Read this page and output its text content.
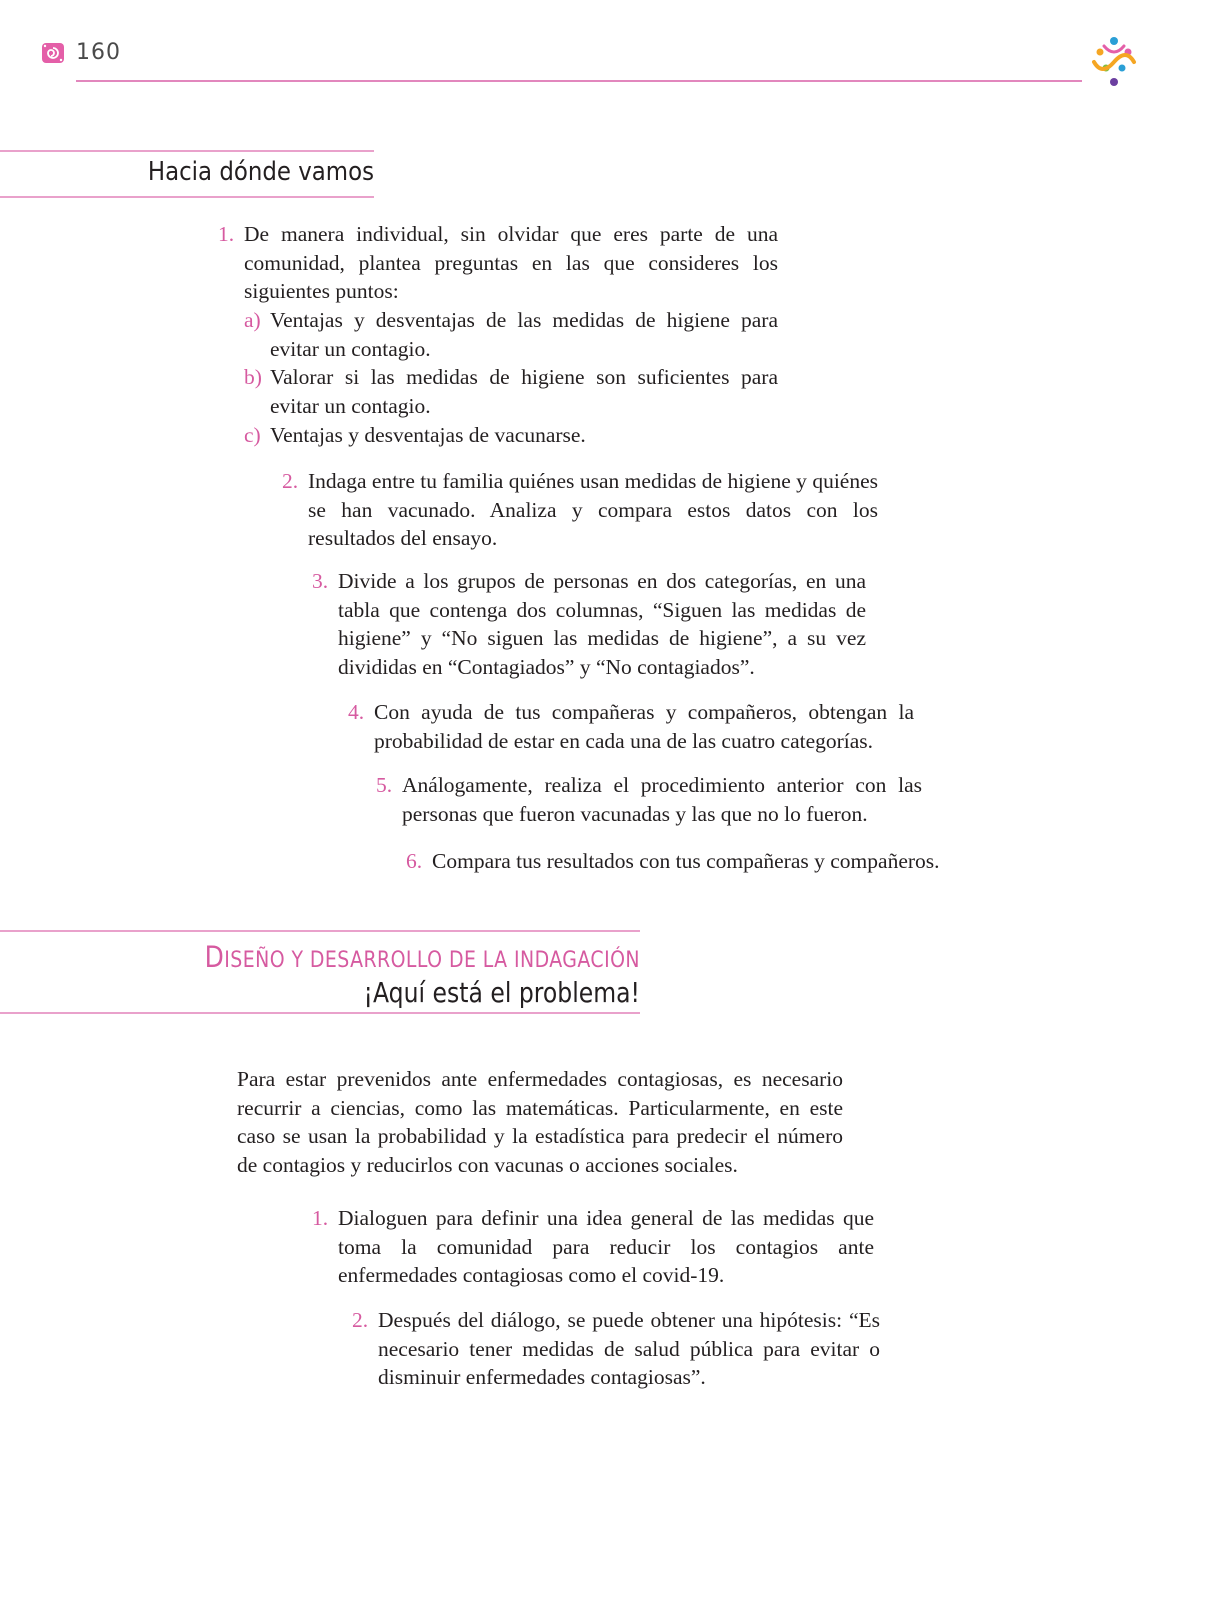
160
Hacia dónde vamos
1. De manera individual, sin olvidar que eres parte de una comunidad, plantea preguntas en las que consideres los siguientes puntos:
a) Ventajas y desventajas de las medidas de higiene para evitar un contagio.
b) Valorar si las medidas de higiene son suficientes para evitar un contagio.
c) Ventajas y desventajas de vacunarse.
2. Indaga entre tu familia quiénes usan medidas de higiene y quiénes se han vacunado. Analiza y compara estos datos con los resultados del ensayo.
3. Divide a los grupos de personas en dos categorías, en una tabla que contenga dos columnas, “Siguen las medidas de higiene” y “No siguen las medidas de higiene”, a su vez divididas en “Contagiados” y “No contagiados”.
4. Con ayuda de tus compañeras y compañeros, obtengan la probabilidad de estar en cada una de las cuatro categorías.
5. Análogamente, realiza el procedimiento anterior con las personas que fueron vacunadas y las que no lo fueron.
6. Compara tus resultados con tus compañeras y compañeros.
DISEÑO Y DESARROLLO DE LA INDAGACIÓN
¡Aquí está el problema!
Para estar prevenidos ante enfermedades contagiosas, es necesario recurrir a ciencias, como las matemáticas. Particularmente, en este caso se usan la probabilidad y la estadística para predecir el número de contagios y reducirlos con vacunas o acciones sociales.
1. Dialoguen para definir una idea general de las medidas que toma la comunidad para reducir los contagios ante enfermedades contagiosas como el covid-19.
2. Después del diálogo, se puede obtener una hipótesis: “Es necesario tener medidas de salud pública para evitar o disminuir enfermedades contagiosas”.
